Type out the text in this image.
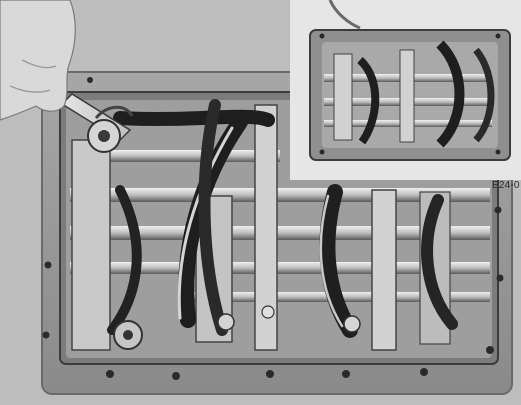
E24-0
